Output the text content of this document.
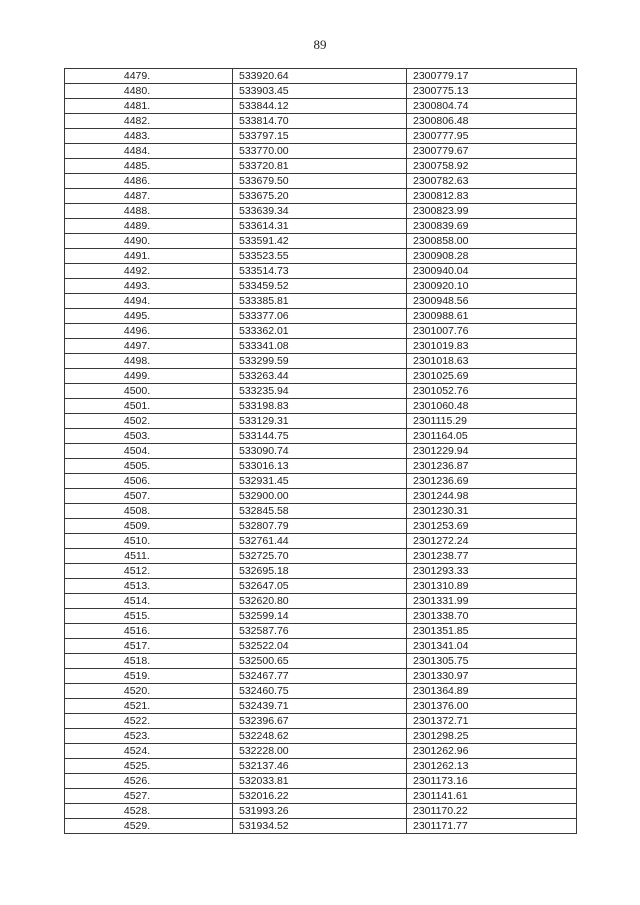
89
4479.	533920.64	2300779.17
4480.	533903.45	2300775.13
4481.	533844.12	2300804.74
4482.	533814.70	2300806.48
4483.	533797.15	2300777.95
4484.	533770.00	2300779.67
4485.	533720.81	2300758.92
4486.	533679.50	2300782.63
4487.	533675.20	2300812.83
4488.	533639.34	2300823.99
4489.	533614.31	2300839.69
4490.	533591.42	2300858.00
4491.	533523.55	2300908.28
4492.	533514.73	2300940.04
4493.	533459.52	2300920.10
4494.	533385.81	2300948.56
4495.	533377.06	2300988.61
4496.	533362.01	2301007.76
4497.	533341.08	2301019.83
4498.	533299.59	2301018.63
4499.	533263.44	2301025.69
4500.	533235.94	2301052.76
4501.	533198.83	2301060.48
4502.	533129.31	2301115.29
4503.	533144.75	2301164.05
4504.	533090.74	2301229.94
4505.	533016.13	2301236.87
4506.	532931.45	2301236.69
4507.	532900.00	2301244.98
4508.	532845.58	2301230.31
4509.	532807.79	2301253.69
4510.	532761.44	2301272.24
4511.	532725.70	2301238.77
4512.	532695.18	2301293.33
4513.	532647.05	2301310.89
4514.	532620.80	2301331.99
4515.	532599.14	2301338.70
4516.	532587.76	2301351.85
4517.	532522.04	2301341.04
4518.	532500.65	2301305.75
4519.	532467.77	2301330.97
4520.	532460.75	2301364.89
4521.	532439.71	2301376.00
4522.	532396.67	2301372.71
4523.	532248.62	2301298.25
4524.	532228.00	2301262.96
4525.	532137.46	2301262.13
4526.	532033.81	2301173.16
4527.	532016.22	2301141.61
4528.	531993.26	2301170.22
4529.	531934.52	2301171.77
